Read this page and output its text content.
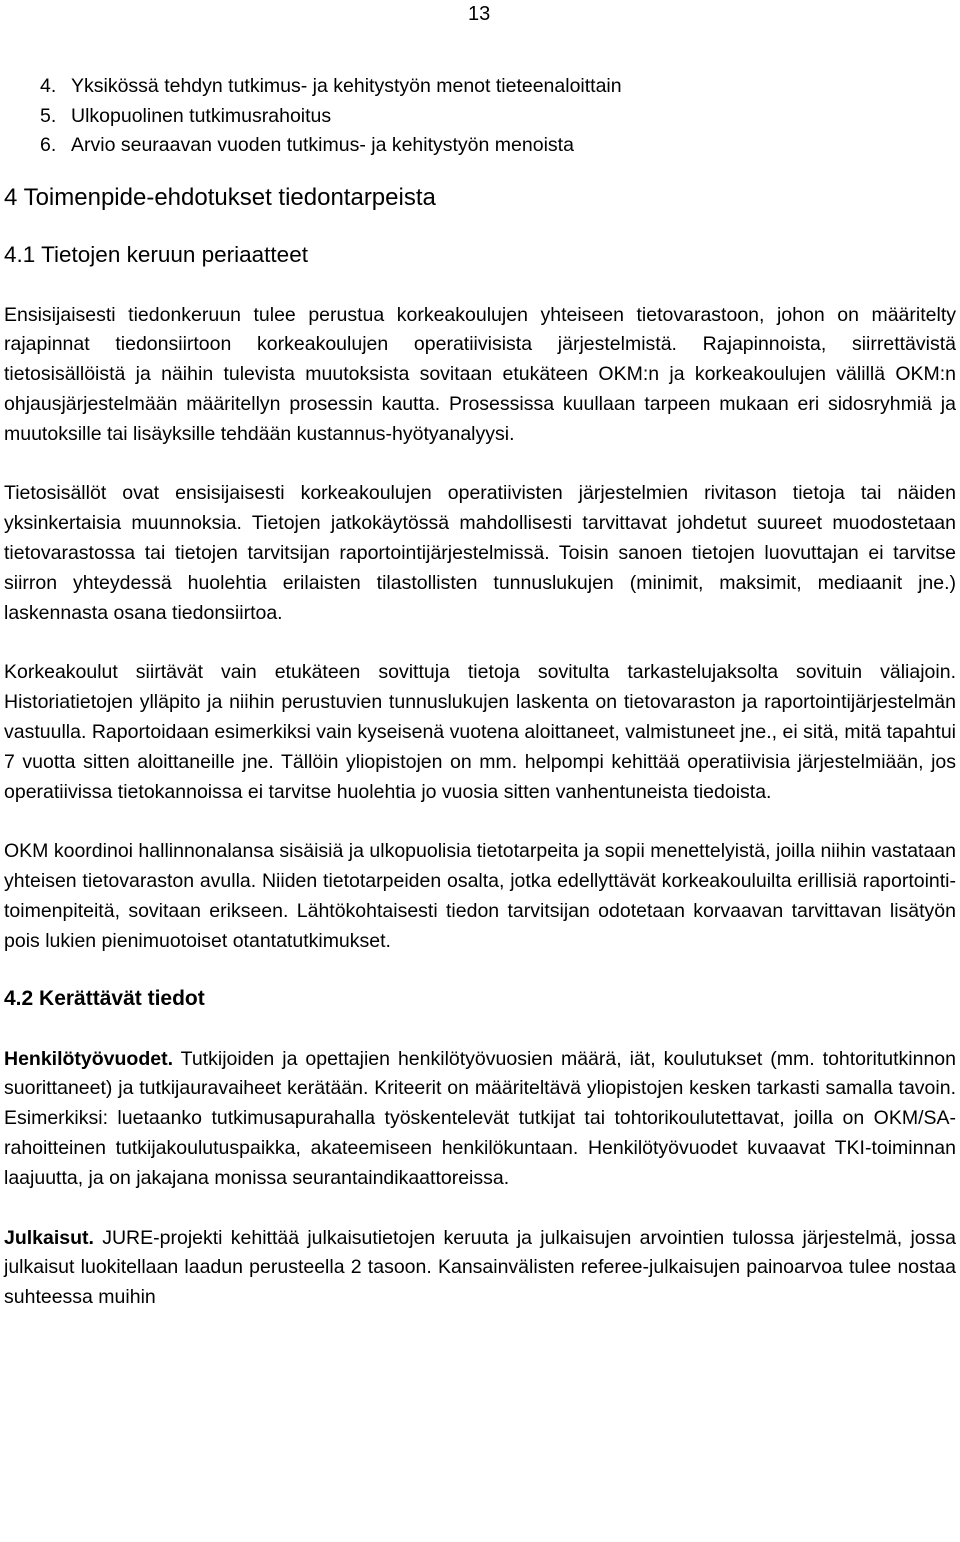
13
4. Yksikössä tehdyn tutkimus- ja kehitystyön menot tieteenaloittain
5. Ulkopuolinen tutkimusrahoitus
6. Arvio seuraavan vuoden tutkimus- ja kehitystyön menoista
4 Toimenpide-ehdotukset tiedontarpeista
4.1 Tietojen keruun periaatteet

Ensisijaisesti tiedonkeruun tulee perustua korkeakoulujen yhteiseen tietovarastoon, johon on määritelty rajapinnat tiedonsiirtoon korkeakoulujen operatiivisista järjestelmistä. Rajapinnoista, siirrettävistä tietosisällöistä ja näihin tulevista muutoksista sovitaan etukäteen OKM:n ja korkeakoulujen välillä OKM:n ohjausjärjestelmään määritellyn prosessin kautta. Prosessissa kuullaan tarpeen mukaan eri sidosryhmiä ja muutoksille tai lisäyksille tehdään kustannus-hyötyanalyysi.

Tietosisällöt ovat ensisijaisesti korkeakoulujen operatiivisten järjestelmien rivitason tietoja tai näiden yksinkertaisia muunnoksia. Tietojen jatkokäytössä mahdollisesti tarvittavat johdetut suureet muodostetaan tietovarastossa tai tietojen tarvitsijan raportointijärjestelmissä. Toisin sanoen tietojen luovuttajan ei tarvitse siirron yhteydessä huolehtia erilaisten tilastollisten tunnuslukujen (minimit, maksimit, mediaanit jne.) laskennasta osana tiedonsiirtoa.

Korkeakoulut siirtävät vain etukäteen sovittuja tietoja sovitulta tarkastelujaksolta sovituin väliajoin. Historiatietojen ylläpito ja niihin perustuvien tunnuslukujen laskenta on tietovaraston ja raportointijärjestelmän vastuulla. Raportoidaan esimerkiksi vain kyseisenä vuotena aloittaneet, valmistuneet jne., ei sitä, mitä tapahtui 7 vuotta sitten aloittaneille jne. Tällöin yliopistojen on mm. helpompi kehittää operatiivisia järjestelmiään, jos operatiivissa tietokannoissa ei tarvitse huolehtia jo vuosia sitten vanhentuneista tiedoista.

OKM koordinoi hallinnonalansa sisäisiä ja ulkopuolisia tietotarpeita ja sopii menettelyistä, joilla niihin vastataan yhteisen tietovaraston avulla. Niiden tietotarpeiden osalta, jotka edellyttävät korkeakouluilta erillisiä raportointi-toimenpiteitä, sovitaan erikseen. Lähtökohtaisesti tiedon tarvitsijan odotetaan korvaavan tarvittavan lisätyön pois lukien pienimuotoiset otantatutkimukset.

4.2 Kerättävät tiedot

Henkilötyövuodet. Tutkijoiden ja opettajien henkilötyövuosien määrä, iät, koulutukset (mm. tohtoritutkinnon suorittaneet) ja tutkijauravaiheet kerätään. Kriteerit on määriteltävä yliopistojen kesken tarkasti samalla tavoin. Esimerkiksi: luetaanko tutkimusapurahalla työskentelevät tutkijat tai tohtorikoulutettavat, joilla on OKM/SA-rahoitteinen tutkijakoulutuspaikka, akateemiseen henkilökuntaan. Henkilötyövuodet kuvaavat TKI-toiminnan laajuutta, ja on jakajana monissa seurantaindikaattoreissa.

Julkaisut. JURE-projekti kehittää julkaisutietojen keruuta ja julkaisujen arvointien tulossa järjestelmä, jossa julkaisut luokitellaan laadun perusteella 2 tasoon. Kansainvälisten referee-julkaisujen painoarvoa tulee nostaa suhteessa muihin
